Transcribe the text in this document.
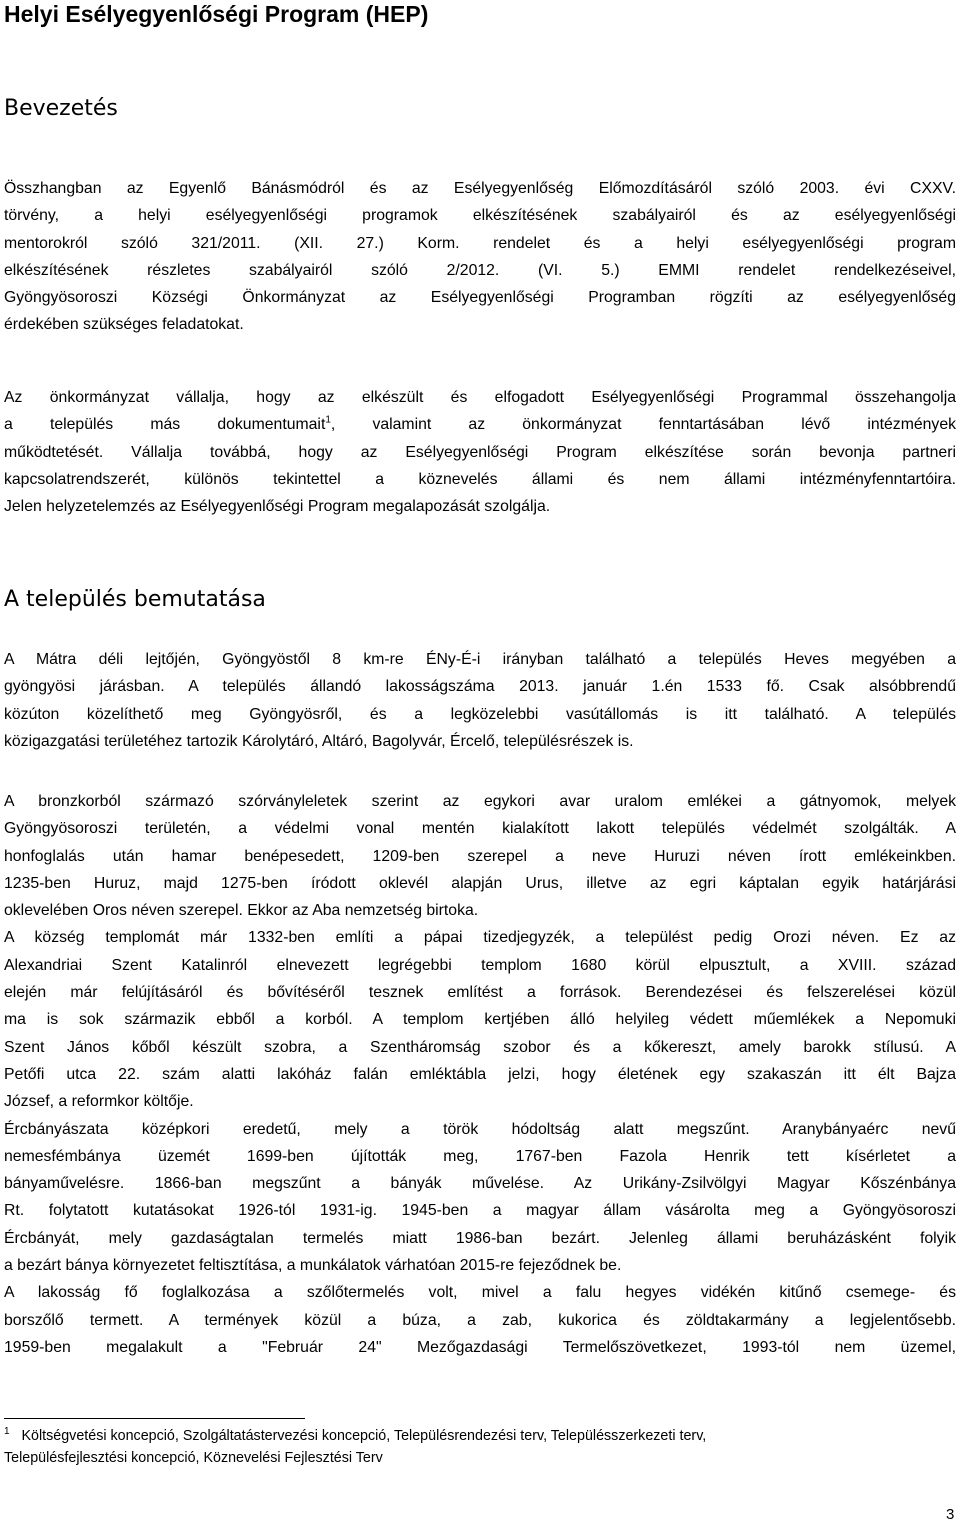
Helyi Esélyegyenlőségi Program (HEP)
Bevezetés
Összhangban az Egyenlő Bánásmódról és az Esélyegyenlőség Előmozdításáról szóló 2003. évi CXXV.
törvény, a helyi esélyegyenlőségi programok elkészítésének szabályairól és az esélyegyenlőségi
mentorokról szóló 321/2011. (XII. 27.) Korm. rendelet és a helyi esélyegyenlőségi program
elkészítésének részletes szabályairól szóló 2/2012. (VI. 5.) EMMI rendelet rendelkezéseivel,
Gyöngyösoroszi Községi Önkormányzat az Esélyegyenlőségi Programban rögzíti az esélyegyenlőség
érdekében szükséges feladatokat.
Az önkormányzat vállalja, hogy az elkészült és elfogadott Esélyegyenlőségi Programmal összehangolja
a település más dokumentumait$^1$, valamint az önkormányzat fenntartásában lévő intézmények
működtetését. Vállalja továbbá, hogy az Esélyegyenlőségi Program elkészítése során bevonja partneri
kapcsolatrendszerét, különös tekintettel a köznevelés állami és nem állami intézményfenntartóira.
Jelen helyzetelemzés az Esélyegyenlőségi Program megalapozását szolgálja.
A település bemutatása
A Mátra déli lejtőjén, Gyöngyöstől 8 km-re ÉNy-É-i irányban található a település Heves megyében a
gyöngyösi járásban. A település állandó lakosságszáma 2013. január 1.én 1533 fő. Csak alsóbbrendű
közúton közelíthető meg Gyöngyösről, és a legközelebbi vasútállomás is itt található. A település
közigazgatási területéhez tartozik Károlytáró, Altáró, Bagolyvár, Ércelő, településrészek is.
A bronzkorból származó szórványleletek szerint az egykori avar uralom emlékei a gátnyomok, melyek
Gyöngyösoroszi területén, a védelmi vonal mentén kialakított lakott település védelmét szolgálták. A
honfoglalás után hamar benépesedett, 1209-ben szerepel a neve Huruzi néven írott emlékeinkben.
1235-ben Huruz, majd 1275-ben íródott oklevél alapján Urus, illetve az egri káptalan egyik határjárási
oklevelében Oros néven szerepel. Ekkor az Aba nemzetség birtoka.
A község templomát már 1332-ben említi a pápai tizedjegyzék, a települést pedig Orozi néven. Ez az
Alexandriai Szent Katalinról elnevezett legrégebbi templom 1680 körül elpusztult, a XVIII. század
elején már felújításáról és bővítéséről tesznek említést a források. Berendezései és felszerelései közül
ma is sok származik ebből a korból. A templom kertjében álló helyileg védett műemlékek a Nepomuki
Szent János kőből készült szobra, a Szentháromság szobor és a kőkereszt, amely barokk stílusú. A
Petőfi utca 22. szám alatti lakóház falán emléktábla jelzi, hogy életének egy szakaszán itt élt Bajza
József, a reformkor költője.
Ércbányászata középkori eredetű, mely a török hódoltság alatt megszűnt. Aranybányaérc nevű
nemesfémbánya üzemét 1699-ben újították meg, 1767-ben Fazola Henrik tett kísérletet a
bányaművelésre. 1866-ban megszűnt a bányák művelése. Az Urikány-Zsilvölgyi Magyar Kőszénbánya
Rt. folytatott kutatásokat 1926-tól 1931-ig. 1945-ben a magyar állam vásárolta meg a Gyöngyösoroszi
Ércbányát, mely gazdaságtalan termelés miatt 1986-ban bezárt. Jelenleg állami beruházásként folyik
a bezárt bánya környezetet feltisztítása, a munkálatok várhatóan 2015-re fejeződnek be.
A lakosság fő foglalkozása a szőlőtermelés volt, mivel a falu hegyes vidékén kitűnő csemege- és
borszőlő termett. A termények közül a búza, a zab, kukorica és zöldtakarmány a legjelentősebb.
1959-ben megalakult a "Február 24" Mezőgazdasági Termelőszövetkezet, 1993-tól nem üzemel,
$^1$ Költségvetési koncepció, Szolgáltatástervezési koncepció, Településrendezési terv, Településszerkezeti terv,
Településfejlesztési koncepció, Köznevelési Fejlesztési Terv
3
